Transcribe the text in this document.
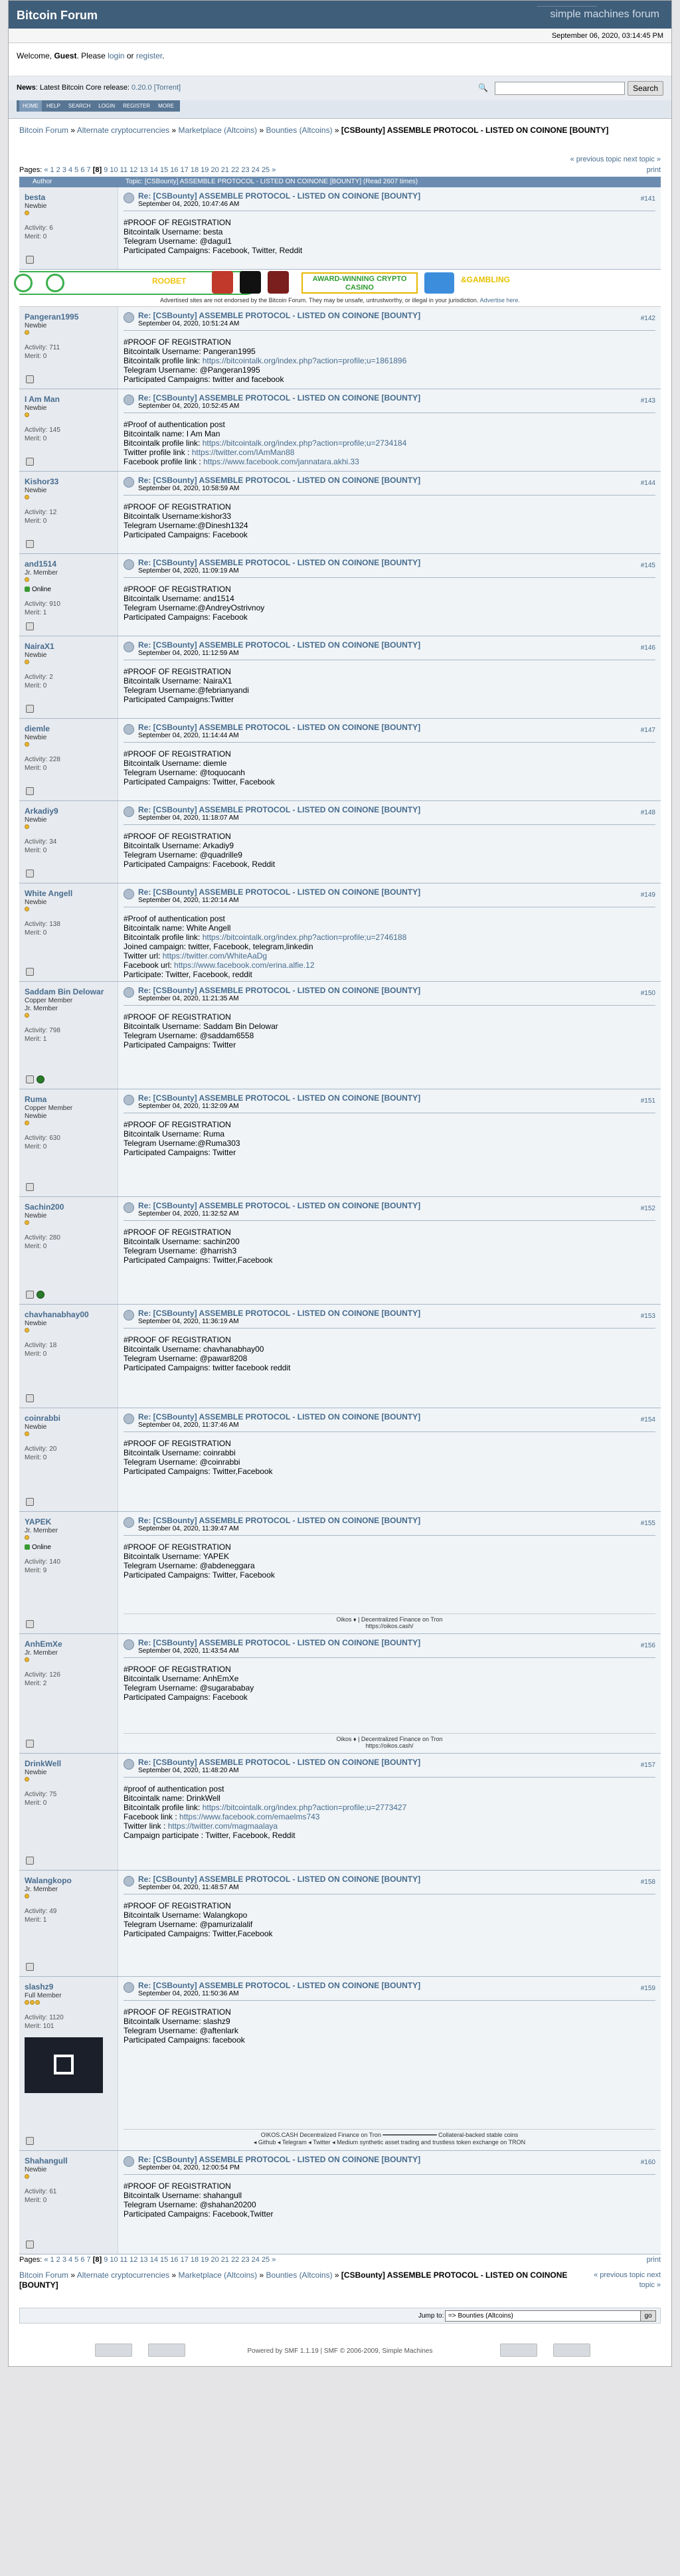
Bitcoin Forum	simple machines forum
September 06, 2020, 03:14:45 PM
Welcome, Guest. Please login or register.
News: Latest Bitcoin Core release: 0.20.0 [Torrent]	🔍	Search
HOME	HELP	SEARCH	LOGIN	REGISTER	MORE
Bitcoin Forum » Alternate cryptocurrencies » Marketplace (Altcoins) » Bounties (Altcoins) » [CSBounty] ASSEMBLE PROTOCOL - LISTED ON COINONE [BOUNTY]
« previous topic next topic »
Pages: « 1 2 3 4 5 6 7 [8] 9 10 11 12 13 14 15 16 17 18 19 20 21 22 23 24 25 »	print
Author	Topic: [CSBounty] ASSEMBLE PROTOCOL - LISTED ON COINONE [BOUNTY] (Read 2607 times)
besta
Newbie
Activity: 6
Merit: 0
Re: [CSBounty] ASSEMBLE PROTOCOL - LISTED ON COINONE [BOUNTY]
September 04, 2020, 10:47:46 AM
#141
#PROOF OF REGISTRATION
Bitcointalk Username: besta
Telegram Username: @dagul1
Participated Campaigns: Facebook, Twitter, Reddit
ROOBET	AWARD-WINNING CRYPTO CASINO
&GAMBLING
Advertised sites are not endorsed by the Bitcoin Forum. They may be unsafe, untrustworthy, or illegal in your jurisdiction. Advertise here.
Pangeran1995
Newbie
Activity: 711
Merit: 0
Re: [CSBounty] ASSEMBLE PROTOCOL - LISTED ON COINONE [BOUNTY]
September 04, 2020, 10:51:24 AM
#142
#PROOF OF REGISTRATION
Bitcointalk Username: Pangeran1995
Bitcointalk profile link: https://bitcointalk.org/index.php?action=profile;u=1861896
Telegram Username: @Pangeran1995
Participated Campaigns: twitter and facebook
I Am Man
Newbie
Activity: 145
Merit: 0
Re: [CSBounty] ASSEMBLE PROTOCOL - LISTED ON COINONE [BOUNTY]
September 04, 2020, 10:52:45 AM
#143
#Proof of authentication post
Bitcointalk name: I Am Man
Bitcointalk profile link: https://bitcointalk.org/index.php?action=profile;u=2734184
Twitter profile link : https://twitter.com/IAmMan88
Facebook profile link : https://www.facebook.com/jannatara.akhi.33
Kishor33
Newbie
Activity: 12
Merit: 0
Re: [CSBounty] ASSEMBLE PROTOCOL - LISTED ON COINONE [BOUNTY]
September 04, 2020, 10:58:59 AM
#144
#PROOF OF REGISTRATION
Bitcointalk Username:kishor33
Telegram Username:@Dinesh1324
Participated Campaigns: Facebook
and1514
Jr. Member
Online
Activity: 910
Merit: 1
Re: [CSBounty] ASSEMBLE PROTOCOL - LISTED ON COINONE [BOUNTY]
September 04, 2020, 11:09:19 AM
#145
#PROOF OF REGISTRATION
Bitcointalk Username: and1514
Telegram Username:@AndreyOstrivnoy
Participated Campaigns: Facebook
NairaX1
Newbie
Activity: 2
Merit: 0
Re: [CSBounty] ASSEMBLE PROTOCOL - LISTED ON COINONE [BOUNTY]
September 04, 2020, 11:12:59 AM
#146
#PROOF OF REGISTRATION
Bitcointalk Username: NairaX1
Telegram Username:@febrianyandi
Participated Campaigns:Twitter
diemle
Newbie
Activity: 228
Merit: 0
Re: [CSBounty] ASSEMBLE PROTOCOL - LISTED ON COINONE [BOUNTY]
September 04, 2020, 11:14:44 AM
#147
#PROOF OF REGISTRATION
Bitcointalk Username: diemle
Telegram Username: @toquocanh
Participated Campaigns: Twitter, Facebook
Arkadiy9
Newbie
Activity: 34
Merit: 0
Re: [CSBounty] ASSEMBLE PROTOCOL - LISTED ON COINONE [BOUNTY]
September 04, 2020, 11:18:07 AM
#148
#PROOF OF REGISTRATION
Bitcointalk Username: Arkadiy9
Telegram Username: @quadrille9
Participated Campaigns: Facebook, Reddit
White Angell
Newbie
Activity: 138
Merit: 0
Re: [CSBounty] ASSEMBLE PROTOCOL - LISTED ON COINONE [BOUNTY]
September 04, 2020, 11:20:14 AM
#149
#Proof of authentication post
Bitcointalk name: White Angell
Bitcointalk profile link: https://bitcointalk.org/index.php?action=profile;u=2746188
Joined campaign: twitter, Facebook, telegram,linkedin
Twitter url: https://twitter.com/WhiteAaDg
Facebook url: https://www.facebook.com/erina.alfie.12
Participate: Twitter, Facebook, reddit
Saddam Bin Delowar
Copper Member
Jr. Member
Activity: 798
Merit: 1
Re: [CSBounty] ASSEMBLE PROTOCOL - LISTED ON COINONE [BOUNTY]
September 04, 2020, 11:21:35 AM
#150
#PROOF OF REGISTRATION
Bitcointalk Username: Saddam Bin Delowar
Telegram Username: @saddam6558
Participated Campaigns: Twitter
Ruma
Copper Member
Newbie
Activity: 630
Merit: 0
Re: [CSBounty] ASSEMBLE PROTOCOL - LISTED ON COINONE [BOUNTY]
September 04, 2020, 11:32:09 AM
#151
#PROOF OF REGISTRATION
Bitcointalk Username: Ruma
Telegram Username:@Ruma303
Participated Campaigns: Twitter
Sachin200
Newbie
Activity: 280
Merit: 0
Re: [CSBounty] ASSEMBLE PROTOCOL - LISTED ON COINONE [BOUNTY]
September 04, 2020, 11:32:52 AM
#152
#PROOF OF REGISTRATION
Bitcointalk Username: sachin200
Telegram Username: @harrish3
Participated Campaigns: Twitter,Facebook
chavhanabhay00
Newbie
Activity: 18
Merit: 0
Re: [CSBounty] ASSEMBLE PROTOCOL - LISTED ON COINONE [BOUNTY]
September 04, 2020, 11:36:19 AM
#153
#PROOF OF REGISTRATION
Bitcointalk Username: chavhanabhay00
Telegram Username: @pawar8208
Participated Campaigns: twitter facebook reddit
coinrabbi
Newbie
Activity: 20
Merit: 0
Re: [CSBounty] ASSEMBLE PROTOCOL - LISTED ON COINONE [BOUNTY]
September 04, 2020, 11:37:46 AM
#154
#PROOF OF REGISTRATION
Bitcointalk Username: coinrabbi
Telegram Username: @coinrabbi
Participated Campaigns: Twitter,Facebook
YAPEK
Jr. Member
Online
Activity: 140
Merit: 9
Re: [CSBounty] ASSEMBLE PROTOCOL - LISTED ON COINONE [BOUNTY]
September 04, 2020, 11:39:47 AM
#155
#PROOF OF REGISTRATION
Bitcointalk Username: YAPEK
Telegram Username: @abdeneggara
Participated Campaigns: Twitter, Facebook
Oikos ♦ | Decentralized Finance on Tron
https://oikos.cash/
AnhEmXe
Jr. Member
Activity: 126
Merit: 2
Re: [CSBounty] ASSEMBLE PROTOCOL - LISTED ON COINONE [BOUNTY]
September 04, 2020, 11:43:54 AM
#156
#PROOF OF REGISTRATION
Bitcointalk Username: AnhEmXe
Telegram Username: @sugarababay
Participated Campaigns: Facebook
Oikos ♦ | Decentralized Finance on Tron
https://oikos.cash/
DrinkWell
Newbie
Activity: 75
Merit: 0
Re: [CSBounty] ASSEMBLE PROTOCOL - LISTED ON COINONE [BOUNTY]
September 04, 2020, 11:48:20 AM
#157
#proof of authentication post
Bitcointalk name: DrinkWell
Bitcointalk profile link: https://bitcointalk.org/index.php?action=profile;u=2773427
Facebook link : https://www.facebook.com/emaelms743
Twitter link : https://twitter.com/magmaalaya
Campaign participate : Twitter, Facebook, Reddit
Walangkopo
Jr. Member
Activity: 49
Merit: 1
Re: [CSBounty] ASSEMBLE PROTOCOL - LISTED ON COINONE [BOUNTY]
September 04, 2020, 11:48:57 AM
#158
#PROOF OF REGISTRATION
Bitcointalk Username: Walangkopo
Telegram Username: @pamurizalalif
Participated Campaigns: Twitter,Facebook
slashz9
Full Member
Activity: 1120
Merit: 101
Re: [CSBounty] ASSEMBLE PROTOCOL - LISTED ON COINONE [BOUNTY]
September 04, 2020, 11:50:36 AM
#159
#PROOF OF REGISTRATION
Bitcointalk Username: slashz9
Telegram Username: @aftenlark
Participated Campaigns: facebook
OIKOS.CASH Decentralized Finance on Tron ━━━━━━━━━━━━━━━ Collateral-backed stable coins
◂ Github ◂ Telegram ◂ Twitter ◂ Medium synthetic asset trading and trustless token exchange on TRON
Shahangull
Newbie
Activity: 61
Merit: 0
Re: [CSBounty] ASSEMBLE PROTOCOL - LISTED ON COINONE [BOUNTY]
September 04, 2020, 12:00:54 PM
#160
#PROOF OF REGISTRATION
Bitcointalk Username: shahangull
Telegram Username: @shahan20200
Participated Campaigns: Facebook,Twitter
Pages: « 1 2 3 4 5 6 7 [8] 9 10 11 12 13 14 15 16 17 18 19 20 21 22 23 24 25 »	print
Bitcoin Forum » Alternate cryptocurrencies » Marketplace (Altcoins) » Bounties (Altcoins) » [CSBounty] ASSEMBLE PROTOCOL - LISTED ON COINONE [BOUNTY]
« previous topic next topic »
Jump to: => Bounties (Altcoins)	go
Powered by SMF 1.1.19 | SMF © 2006-2009, Simple Machines
